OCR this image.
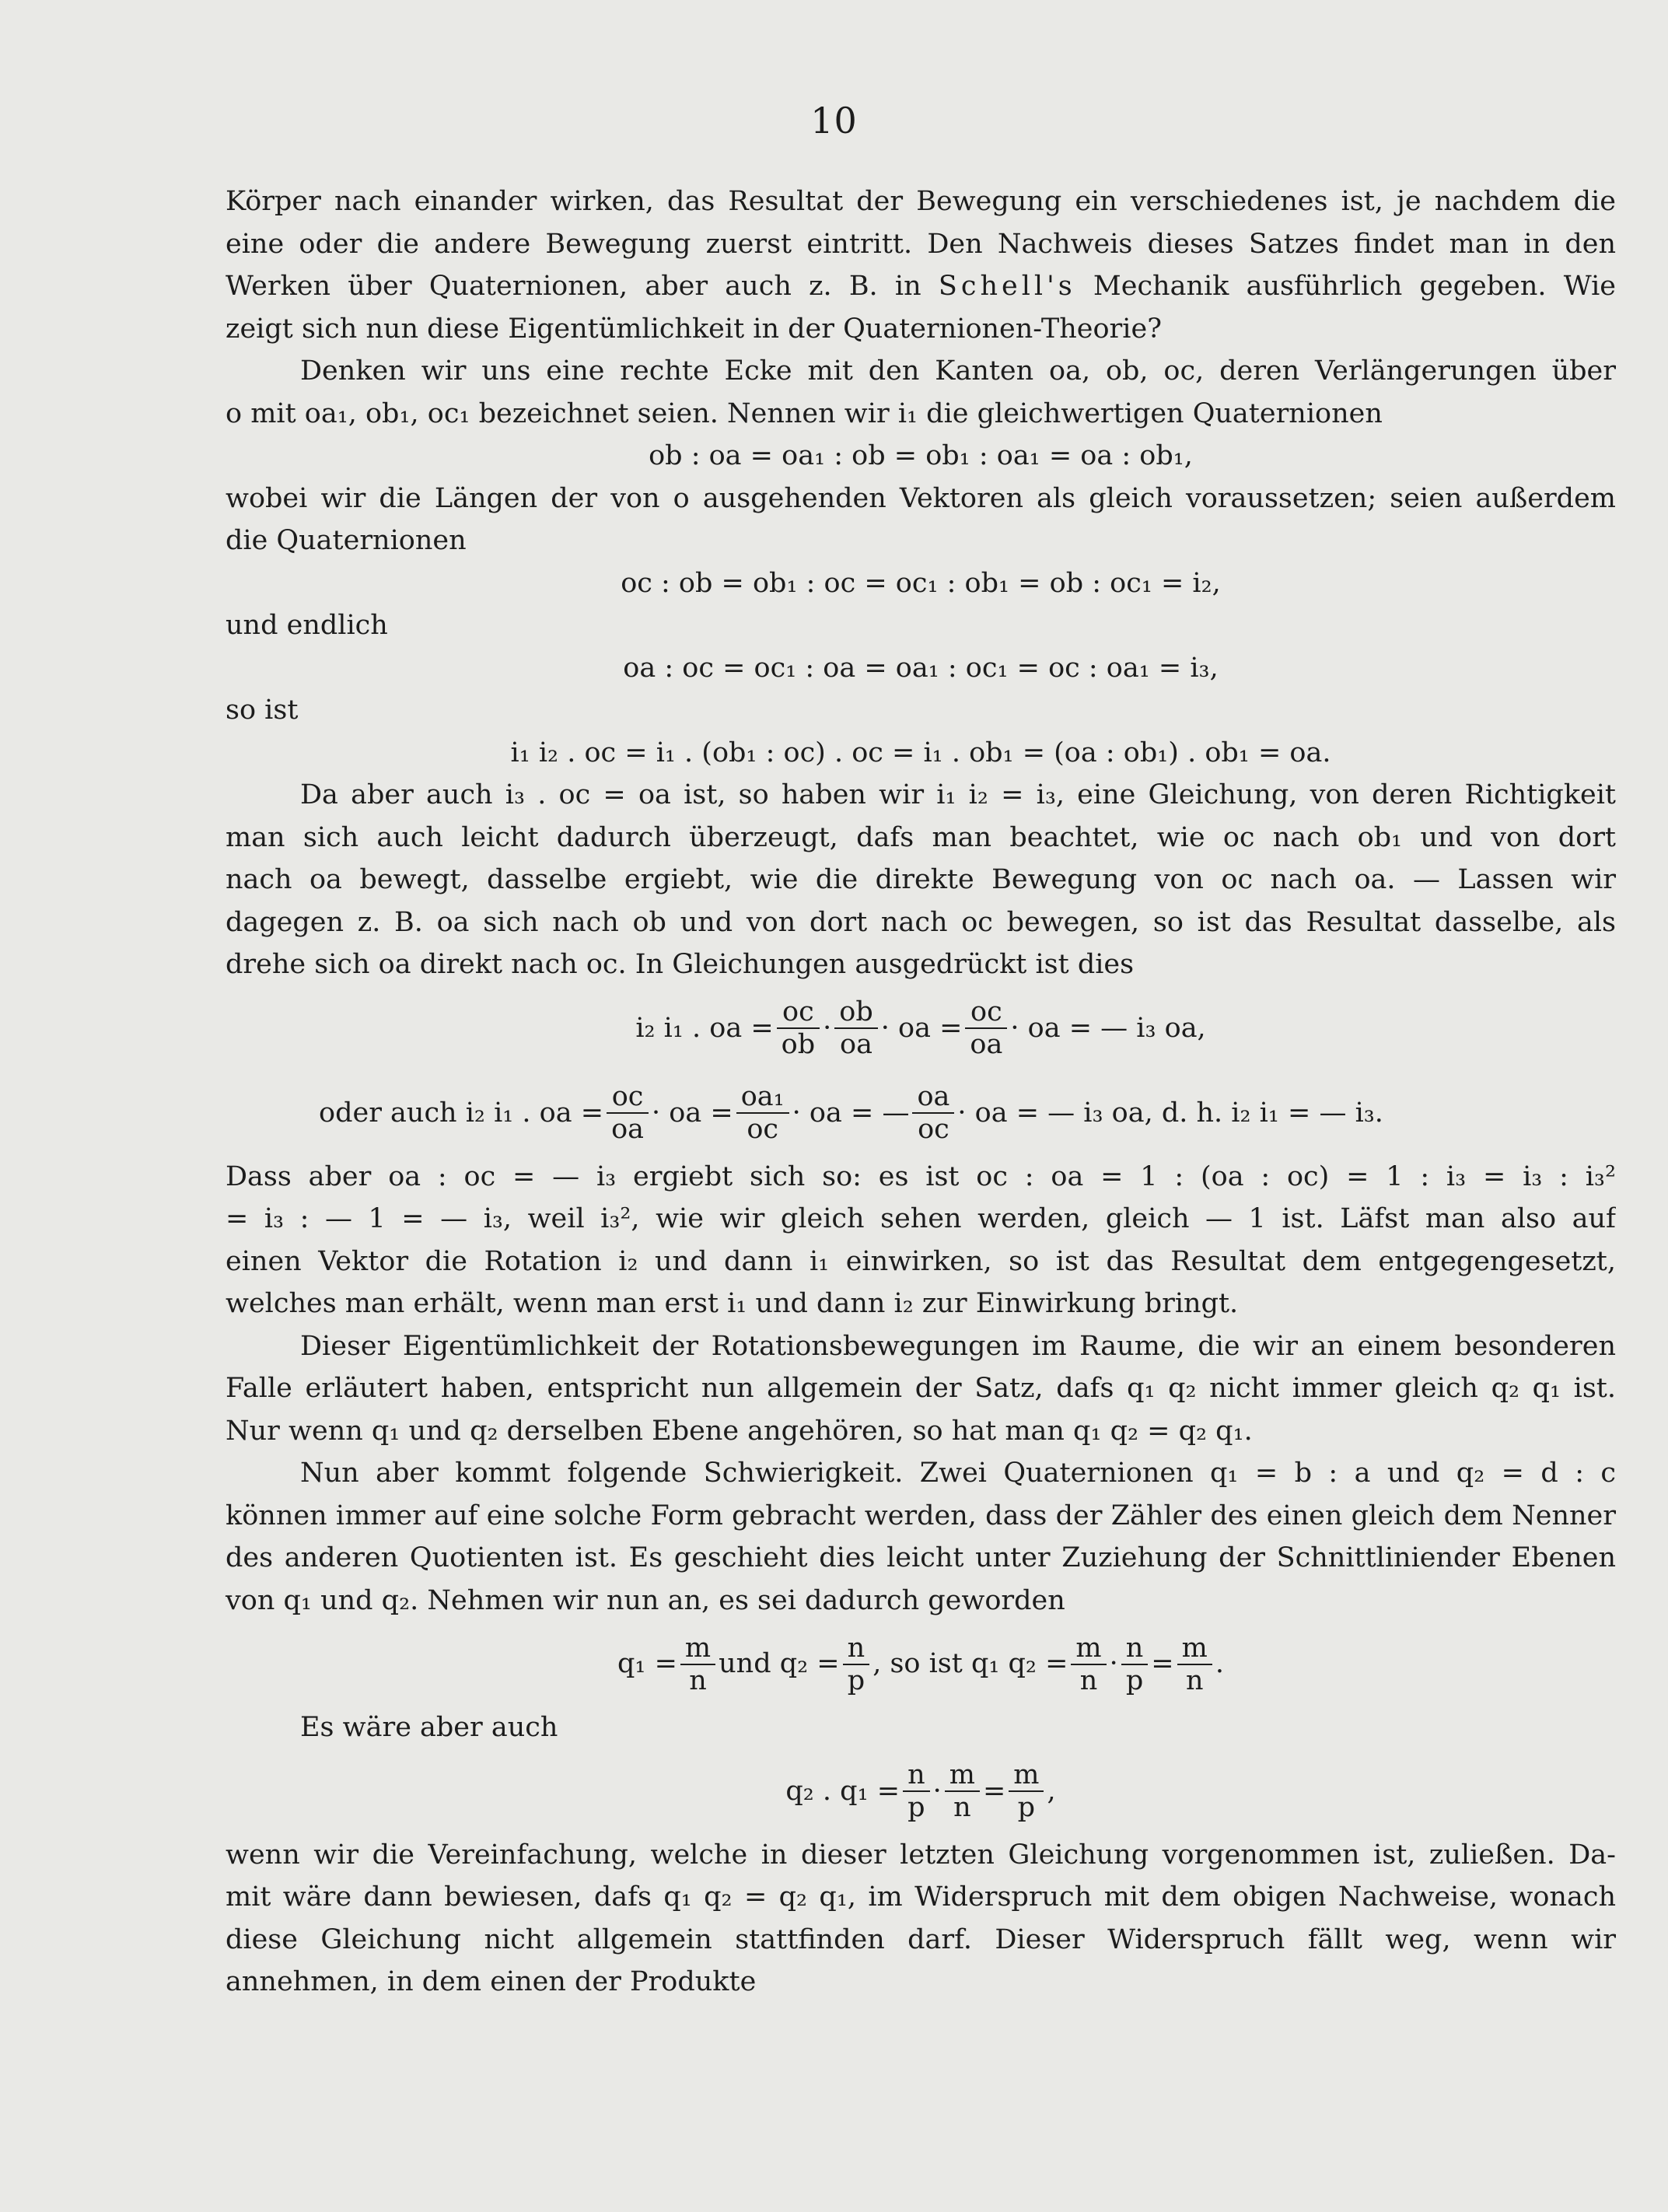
10
Körper nach einander wirken, das Resultat der Bewegung ein verschiedenes ist, je nachdem die
eine oder die andere Bewegung zuerst eintritt. Den Nachweis dieses Satzes findet man in den
Werken über Quaternionen, aber auch z. B. in Schell's Mechanik ausführlich gegeben. Wie
zeigt sich nun diese Eigentümlichkeit in der Quaternionen-Theorie?
Denken wir uns eine rechte Ecke mit den Kanten oa, ob, oc, deren Verlängerungen über
o mit oa₁, ob₁, oc₁ bezeichnet seien. Nennen wir i₁ die gleichwertigen Quaternionen
ob : oa = oa₁ : ob = ob₁ : oa₁ = oa : ob₁,
wobei wir die Längen der von o ausgehenden Vektoren als gleich voraussetzen; seien außerdem
die Quaternionen
oc : ob = ob₁ : oc = oc₁ : ob₁ = ob : oc₁ = i₂,
und endlich
oa : oc = oc₁ : oa = oa₁ : oc₁ = oc : oa₁ = i₃,
so ist
i₁ i₂ . oc = i₁ . (ob₁ : oc) . oc = i₁ . ob₁ = (oa : ob₁) . ob₁ = oa.
Da aber auch i₃ . oc = oa ist, so haben wir i₁ i₂ = i₃, eine Gleichung, von deren Richtigkeit
man sich auch leicht dadurch überzeugt, dafs man beachtet, wie oc nach ob₁ und von dort
nach oa bewegt, dasselbe ergiebt, wie die direkte Bewegung von oc nach oa. — Lassen wir
dagegen z. B. oa sich nach ob und von dort nach oc bewegen, so ist das Resultat dasselbe, als
drehe sich oa direkt nach oc. In Gleichungen ausgedrückt ist dies
i₂ i₁ . oa = $\frac{oc}{ob} \cdot \frac{ob}{oa}$ · oa = $\frac{oc}{oa}$ · oa = — i₃ oa,
oder auch i₂ i₁ . oa = $\frac{oc}{oa}$ · oa = $\frac{\text{oa₁}}{oc}$ · oa = — $\frac{oa}{oc}$ · oa = — i₃ oa, d. h. i₂ i₁ = — i₃.
Dass aber oa : oc = — i₃ ergiebt sich so: es ist oc : oa = 1 : (oa : oc) = 1 : i₃ = i₃ : i₃²
= i₃ : — 1 = — i₃, weil i₃², wie wir gleich sehen werden, gleich — 1 ist. Läfst man also auf
einen Vektor die Rotation i₂ und dann i₁ einwirken, so ist das Resultat dem entgegengesetzt,
welches man erhält, wenn man erst i₁ und dann i₂ zur Einwirkung bringt.
Dieser Eigentümlichkeit der Rotationsbewegungen im Raume, die wir an einem besonderen
Falle erläutert haben, entspricht nun allgemein der Satz, dafs q₁ q₂ nicht immer gleich q₂ q₁ ist.
Nur wenn q₁ und q₂ derselben Ebene angehören, so hat man q₁ q₂ = q₂ q₁.
Nun aber kommt folgende Schwierigkeit. Zwei Quaternionen q₁ = b : a und q₂ = d : c
können immer auf eine solche Form gebracht werden, dass der Zähler des einen gleich dem Nenner
des anderen Quotienten ist. Es geschieht dies leicht unter Zuziehung der Schnittliniender Ebenen
von q₁ und q₂. Nehmen wir nun an, es sei dadurch geworden
$q_1 = \frac{m}{n}$ und $q_2 = \frac{n}{p}$ , so ist q₁ $q_2 = \frac{m}{n} \cdot \frac{n}{p} = \frac{m}{n}$ .
Es wäre aber auch
q₂ . $q_1 = \frac{n}{p} \cdot \frac{m}{n} = \frac{m}{p}$ ,
wenn wir die Vereinfachung, welche in dieser letzten Gleichung vorgenommen ist, zuließen. Da-
mit wäre dann bewiesen, dafs q₁ q₂ = q₂ q₁, im Widerspruch mit dem obigen Nachweise, wonach
diese Gleichung nicht allgemein stattfinden darf. Dieser Widerspruch fällt weg, wenn wir
annehmen, in dem einen der Produkte
